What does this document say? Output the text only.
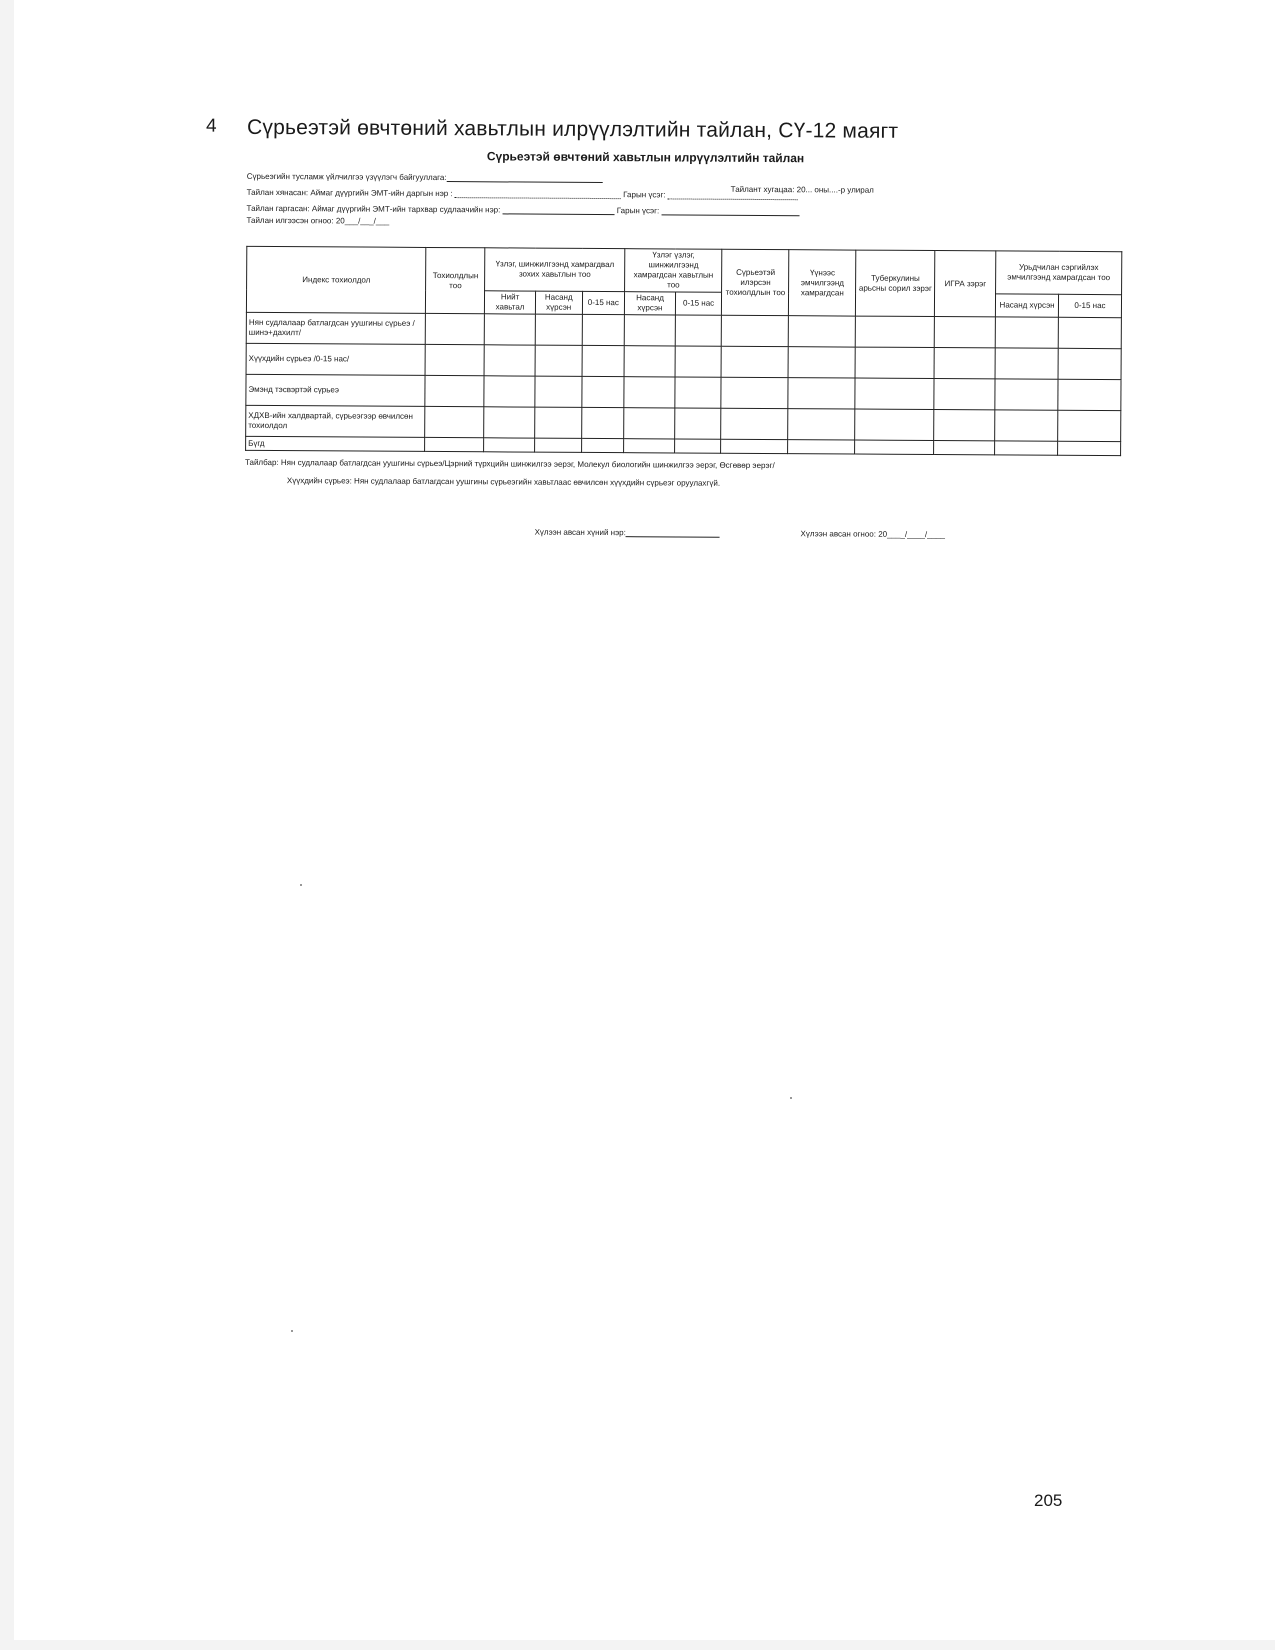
4 Сүрьеэтэй өвчтөний хавьтлын илрүүлэлтийн тайлан, СҮ-12 маягт
Сүрьеэтэй өвчтөний хавьтлын илрүүлэлтийн тайлан
Сүрьеэгийн тусламж үйлчилгээ үзүүлэгч байгууллага:
Тайлант хугацаа: 20... оны....-р улирал
Тайлан хянасан: Аймаг дүүргийн ЭМТ-ийн даргын нэр :	Гарын үсэг:
Тайлан гаргасан: Аймаг дүүргийн ЭМТ-ийн тархвар судлаачийн нэр:	Гарын үсэг:
Тайлан илгээсэн огноо: 20___/___/___
Индекс тохиолдол	Тохиолдлын тоо	Үзлэг, шинжилгээнд хамрагдвал зохих хавьтлын тоо			Үзлэг үзлэг, шинжилгээнд хамрагдсан хавьтлын тоо		Сүрьеэтэй илэрсэн тохиолдлын тоо	Үүнээс эмчилгээнд хамрагдсан	Туберкулины арьсны сорил зэрэг	ИГРА зэрэг	Урьдчилан сэргийлэх эмчилгээнд хамрагдсан тоо	
		Нийт хавьтал	Насанд хүрсэн	0-15 нас	Насанд хүрсэн	0-15 нас					Насанд хүрсэн	0-15 нас
Нян судлалаар батлагдсан уушгины сүрьеэ /шинэ+дахилт/												
Хүүхдийн сүрьеэ /0-15 нас/												
Эмэнд тэсвэртэй сүрьеэ												
ХДХВ-ийн халдвартай, сүрьеэгээр өвчилсөн тохиолдол												
Бүгд												
Тайлбар: Нян судлалаар батлагдсан уушгины сүрьеэ/Цэрний түрхцийн шинжилгээ эерэг, Молекул биологийн шинжилгээ эерэг, Өсгөвөр эерэг/
Хүүхдийн сүрьеэ: Нян судлалаар батлагдсан уушгины сүрьеэгийн хавьтлаас өвчилсөн хүүхдийн сүрьеэг оруулахгүй.
Хүлээн авсан хүний нэр:	Хүлээн авсан огноо: 20____/____/____
205
